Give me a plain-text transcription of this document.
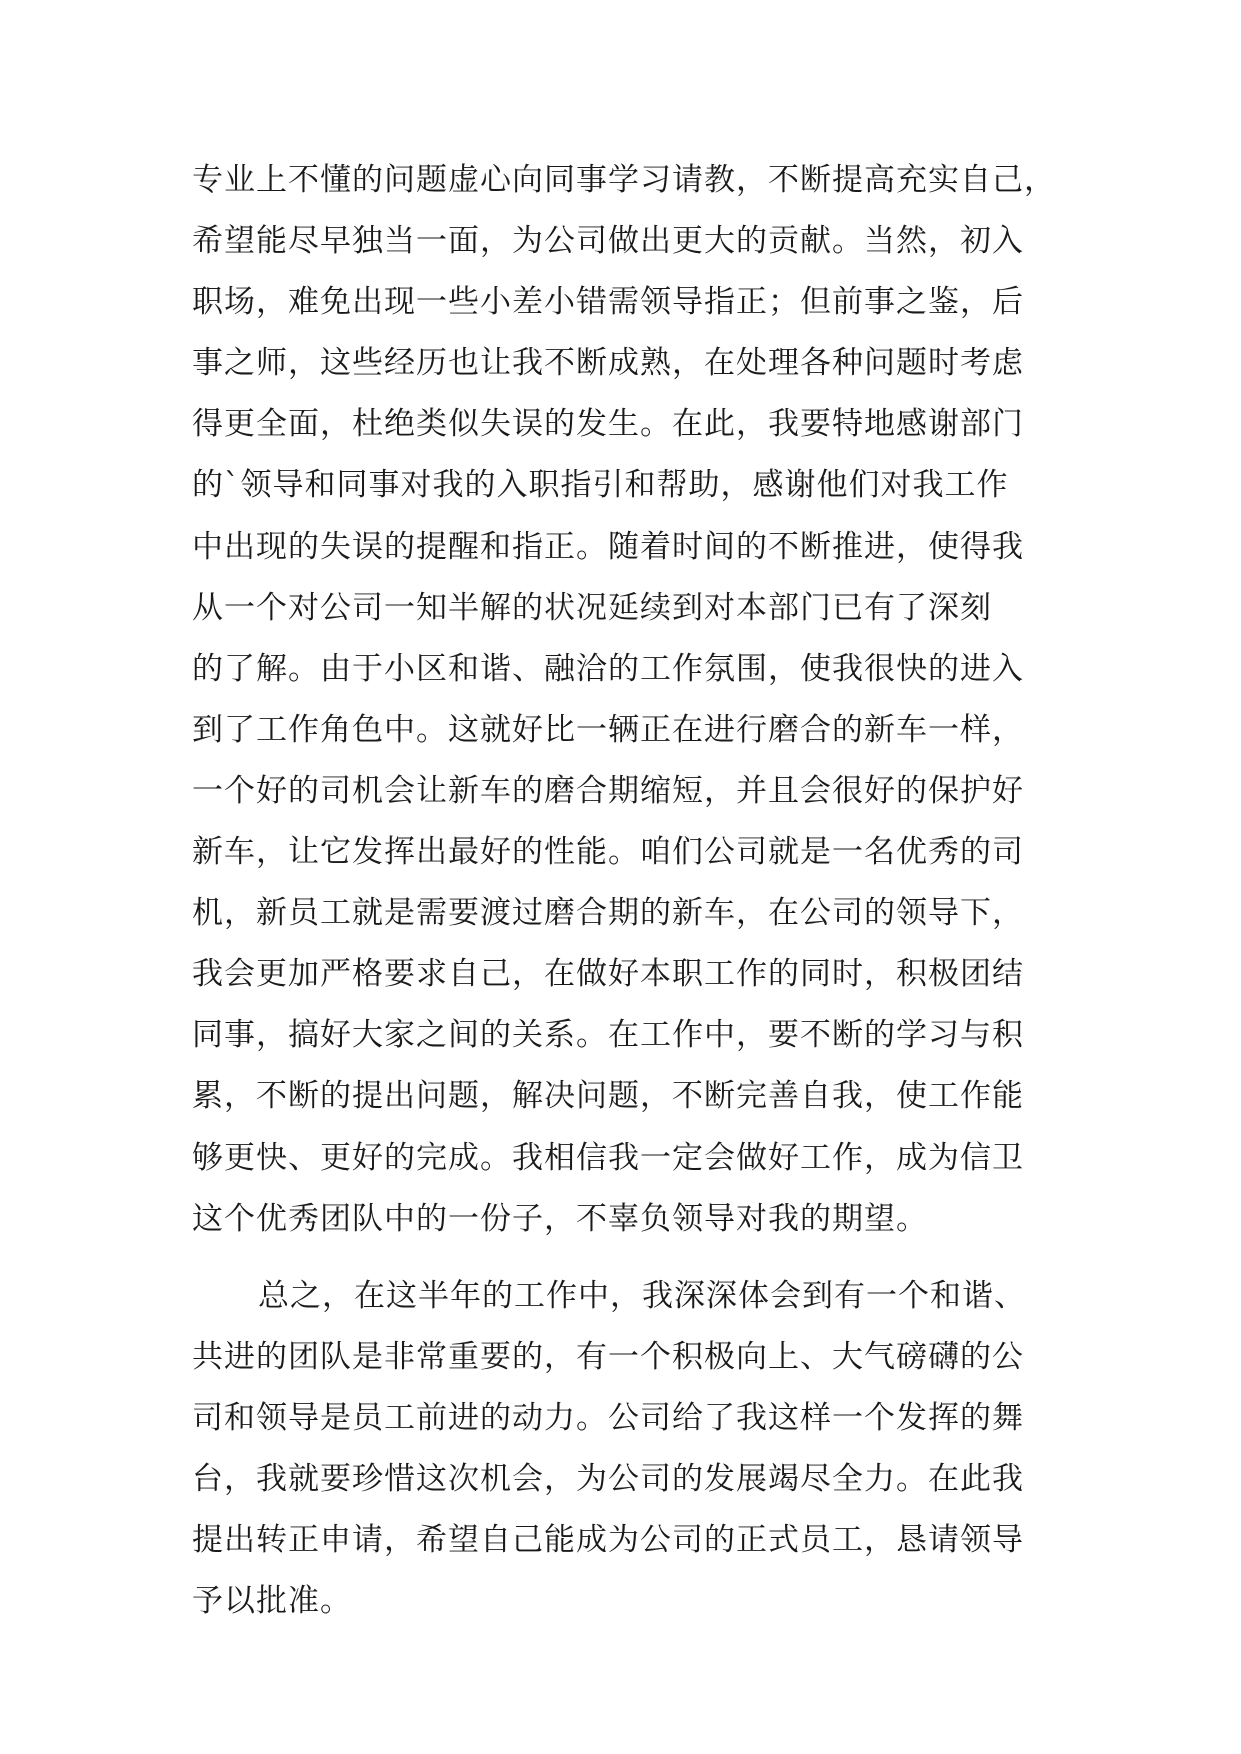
专业上不懂的问题虚心向同事学习请教，不断提高充实自己，
希望能尽早独当一面，为公司做出更大的贡献。当然，初入
职场，难免出现一些小差小错需领导指正；但前事之鉴，后
事之师，这些经历也让我不断成熟，在处理各种问题时考虑
得更全面，杜绝类似失误的发生。在此，我要特地感谢部门
的`领导和同事对我的入职指引和帮助，感谢他们对我工作
中出现的失误的提醒和指正。随着时间的不断推进，使得我
从一个对公司一知半解的状况延续到对本部门已有了深刻
的了解。由于小区和谐、融洽的工作氛围，使我很快的进入
到了工作角色中。这就好比一辆正在进行磨合的新车一样，
一个好的司机会让新车的磨合期缩短，并且会很好的保护好
新车，让它发挥出最好的性能。咱们公司就是一名优秀的司
机，新员工就是需要渡过磨合期的新车，在公司的领导下，
我会更加严格要求自己，在做好本职工作的同时，积极团结
同事，搞好大家之间的关系。在工作中，要不断的学习与积
累，不断的提出问题，解决问题，不断完善自我，使工作能
够更快、更好的完成。我相信我一定会做好工作，成为信卫
这个优秀团队中的一份子，不辜负领导对我的期望。
总之，在这半年的工作中，我深深体会到有一个和谐、
共进的团队是非常重要的，有一个积极向上、大气磅礴的公
司和领导是员工前进的动力。公司给了我这样一个发挥的舞
台，我就要珍惜这次机会，为公司的发展竭尽全力。在此我
提出转正申请，希望自己能成为公司的正式员工，恳请领导
予以批准。
